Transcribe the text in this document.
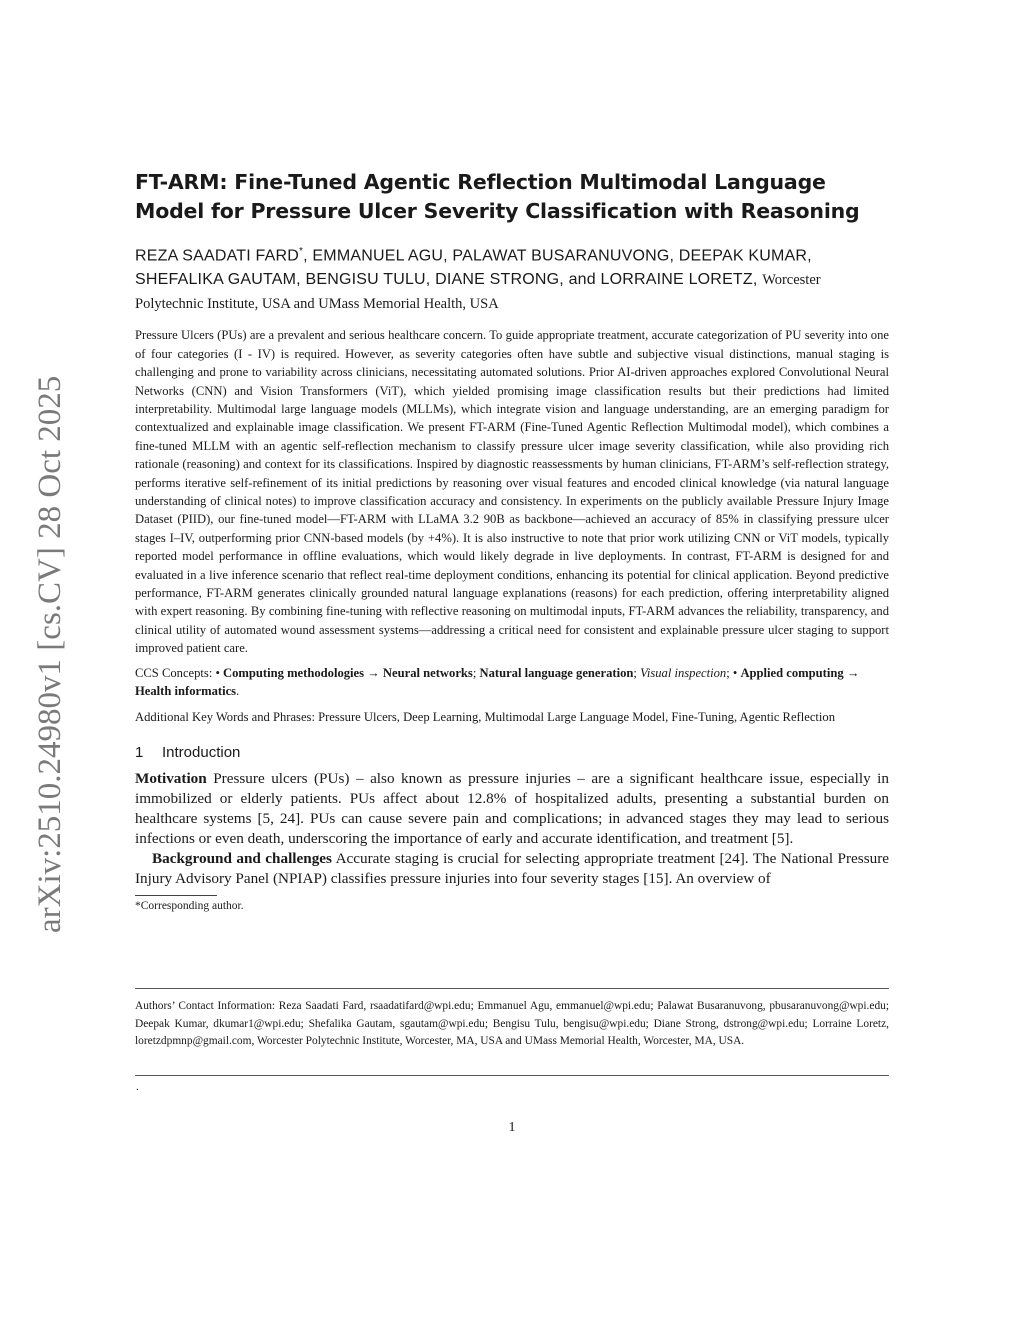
arXiv:2510.24980v1 [cs.CV] 28 Oct 2025
FT-ARM: Fine-Tuned Agentic Reflection Multimodal Language Model for Pressure Ulcer Severity Classification with Reasoning
REZA SAADATI FARD*, EMMANUEL AGU, PALAWAT BUSARANUVONG, DEEPAK KUMAR,
SHEFALIKA GAUTAM, BENGISU TULU, DIANE STRONG, and LORRAINE LORETZ, Worcester Polytechnic Institute, USA and UMass Memorial Health, USA
Pressure Ulcers (PUs) are a prevalent and serious healthcare concern. To guide appropriate treatment, accurate categorization of PU severity into one of four categories (I - IV) is required. However, as severity categories often have subtle and subjective visual distinctions, manual staging is challenging and prone to variability across clinicians, necessitating automated solutions. Prior AI-driven approaches explored Convolutional Neural Networks (CNN) and Vision Transformers (ViT), which yielded promising image classification results but their predictions had limited interpretability. Multimodal large language models (MLLMs), which integrate vision and language understanding, are an emerging paradigm for contextualized and explainable image classification. We present FT-ARM (Fine-Tuned Agentic Reflection Multimodal model), which combines a fine-tuned MLLM with an agentic self-reflection mechanism to classify pressure ulcer image severity classification, while also providing rich rationale (reasoning) and context for its classifications. Inspired by diagnostic reassessments by human clinicians, FT-ARM’s self-reflection strategy, performs iterative self-refinement of its initial predictions by reasoning over visual features and encoded clinical knowledge (via natural language understanding of clinical notes) to improve classification accuracy and consistency. In experiments on the publicly available Pressure Injury Image Dataset (PIID), our fine-tuned model—FT-ARM with LLaMA 3.2 90B as backbone—achieved an accuracy of 85% in classifying pressure ulcer stages I–IV, outperforming prior CNN-based models (by +4%). It is also instructive to note that prior work utilizing CNN or ViT models, typically reported model performance in offline evaluations, which would likely degrade in live deployments. In contrast, FT-ARM is designed for and evaluated in a live inference scenario that reflect real-time deployment conditions, enhancing its potential for clinical application. Beyond predictive performance, FT-ARM generates clinically grounded natural language explanations (reasons) for each prediction, offering interpretability aligned with expert reasoning. By combining fine-tuning with reflective reasoning on multimodal inputs, FT-ARM advances the reliability, transparency, and clinical utility of automated wound assessment systems—addressing a critical need for consistent and explainable pressure ulcer staging to support improved patient care.
CCS Concepts: • Computing methodologies → Neural networks; Natural language generation; Visual inspection; • Applied computing → Health informatics.
Additional Key Words and Phrases: Pressure Ulcers, Deep Learning, Multimodal Large Language Model, Fine-Tuning, Agentic Reflection
1 Introduction

Motivation Pressure ulcers (PUs) – also known as pressure injuries – are a significant healthcare issue, especially in immobilized or elderly patients. PUs affect about 12.8% of hospitalized adults, presenting a substantial burden on healthcare systems [5, 24]. PUs can cause severe pain and complications; in advanced stages they may lead to serious infections or even death, underscoring the importance of early and accurate identification, and treatment [5].

Background and challenges Accurate staging is crucial for selecting appropriate treatment [24]. The National Pressure Injury Advisory Panel (NPIAP) classifies pressure injuries into four severity stages [15]. An overview of

*Corresponding author.
Authors’ Contact Information: Reza Saadati Fard, rsaadatifard@wpi.edu; Emmanuel Agu, emmanuel@wpi.edu; Palawat Busaranuvong, pbusaranuvong@wpi.edu; Deepak Kumar, dkumar1@wpi.edu; Shefalika Gautam, sgautam@wpi.edu; Bengisu Tulu, bengisu@wpi.edu; Diane Strong, dstrong@wpi.edu; Lorraine Loretz, loretzdpmnp@gmail.com, Worcester Polytechnic Institute, Worcester, MA, USA and UMass Memorial Health, Worcester, MA, USA.
.
1
